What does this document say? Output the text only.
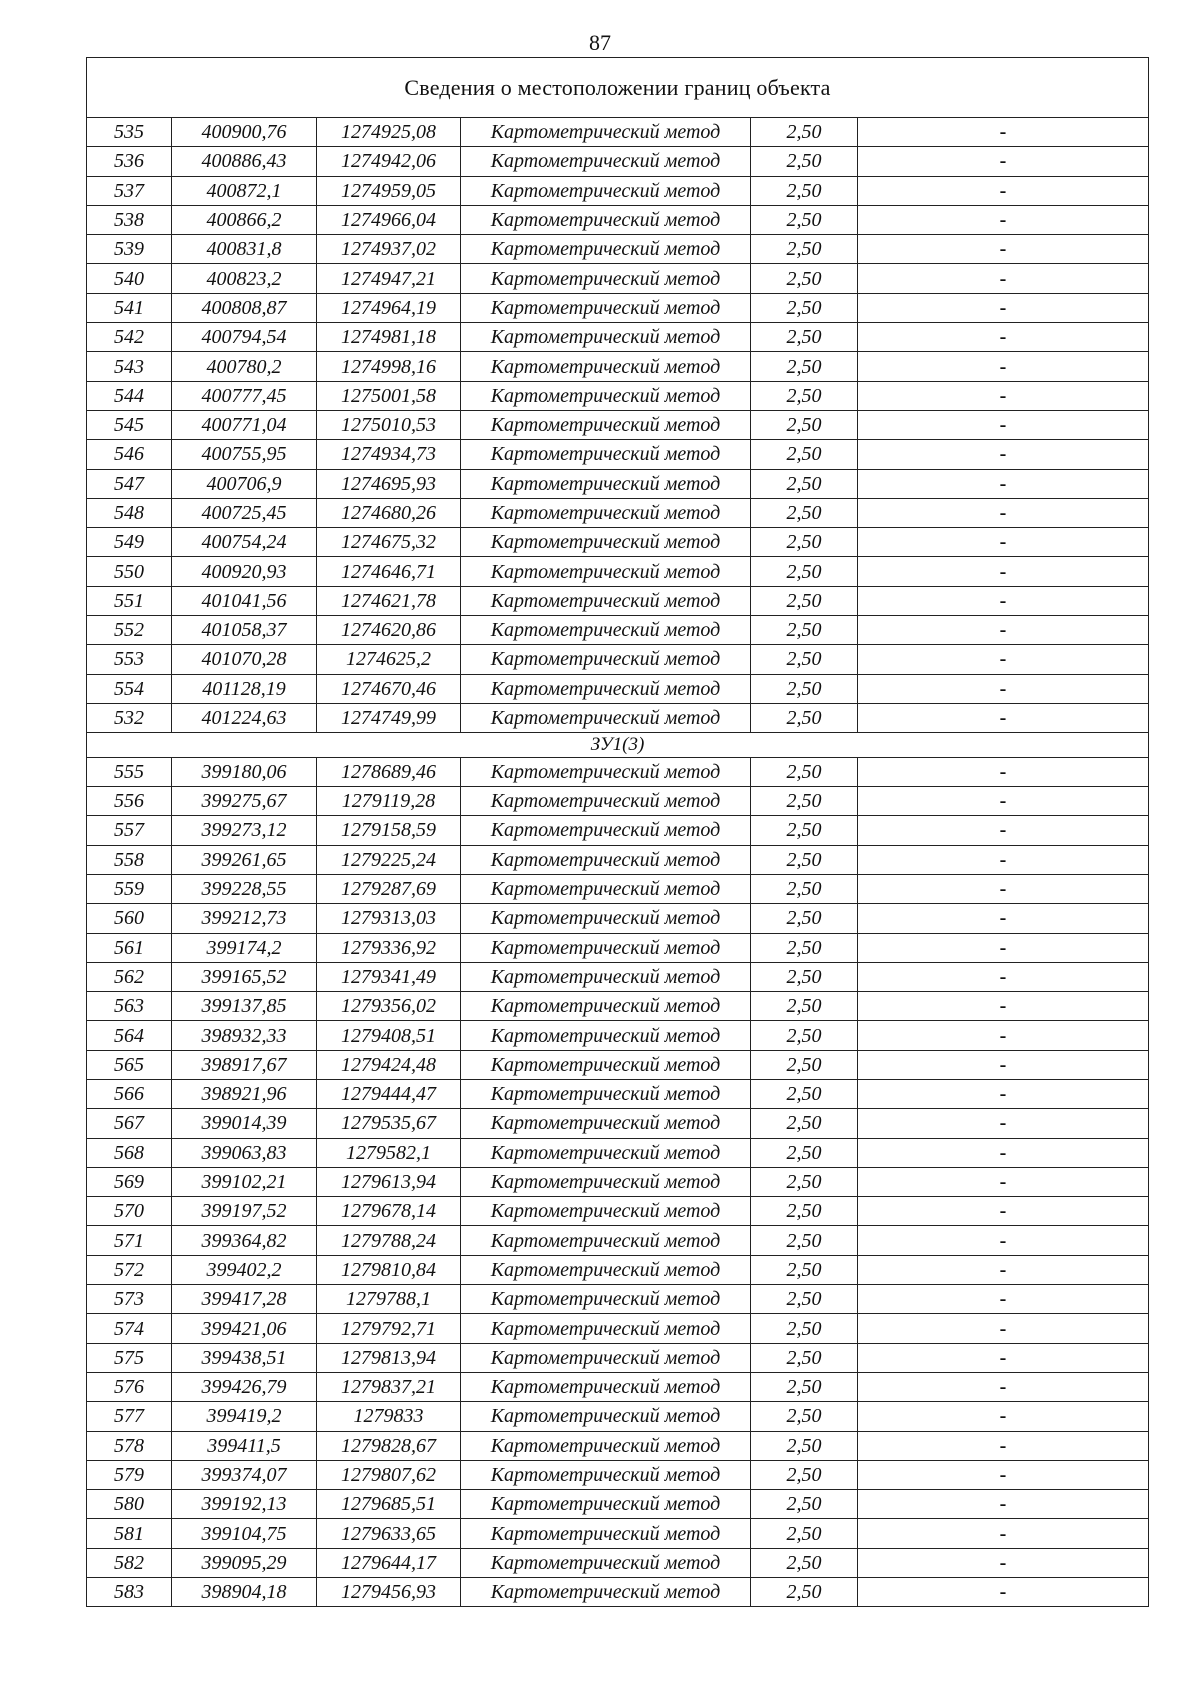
87
Сведения о местоположении границ объекта					
535	400900,76	1274925,08	Картометрический метод	2,50	-
536	400886,43	1274942,06	Картометрический метод	2,50	-
537	400872,1	1274959,05	Картометрический метод	2,50	-
538	400866,2	1274966,04	Картометрический метод	2,50	-
539	400831,8	1274937,02	Картометрический метод	2,50	-
540	400823,2	1274947,21	Картометрический метод	2,50	-
541	400808,87	1274964,19	Картометрический метод	2,50	-
542	400794,54	1274981,18	Картометрический метод	2,50	-
543	400780,2	1274998,16	Картометрический метод	2,50	-
544	400777,45	1275001,58	Картометрический метод	2,50	-
545	400771,04	1275010,53	Картометрический метод	2,50	-
546	400755,95	1274934,73	Картометрический метод	2,50	-
547	400706,9	1274695,93	Картометрический метод	2,50	-
548	400725,45	1274680,26	Картометрический метод	2,50	-
549	400754,24	1274675,32	Картометрический метод	2,50	-
550	400920,93	1274646,71	Картометрический метод	2,50	-
551	401041,56	1274621,78	Картометрический метод	2,50	-
552	401058,37	1274620,86	Картометрический метод	2,50	-
553	401070,28	1274625,2	Картометрический метод	2,50	-
554	401128,19	1274670,46	Картометрический метод	2,50	-
532	401224,63	1274749,99	Картометрический метод	2,50	-
ЗУ1(3)					
555	399180,06	1278689,46	Картометрический метод	2,50	-
556	399275,67	1279119,28	Картометрический метод	2,50	-
557	399273,12	1279158,59	Картометрический метод	2,50	-
558	399261,65	1279225,24	Картометрический метод	2,50	-
559	399228,55	1279287,69	Картометрический метод	2,50	-
560	399212,73	1279313,03	Картометрический метод	2,50	-
561	399174,2	1279336,92	Картометрический метод	2,50	-
562	399165,52	1279341,49	Картометрический метод	2,50	-
563	399137,85	1279356,02	Картометрический метод	2,50	-
564	398932,33	1279408,51	Картометрический метод	2,50	-
565	398917,67	1279424,48	Картометрический метод	2,50	-
566	398921,96	1279444,47	Картометрический метод	2,50	-
567	399014,39	1279535,67	Картометрический метод	2,50	-
568	399063,83	1279582,1	Картометрический метод	2,50	-
569	399102,21	1279613,94	Картометрический метод	2,50	-
570	399197,52	1279678,14	Картометрический метод	2,50	-
571	399364,82	1279788,24	Картометрический метод	2,50	-
572	399402,2	1279810,84	Картометрический метод	2,50	-
573	399417,28	1279788,1	Картометрический метод	2,50	-
574	399421,06	1279792,71	Картометрический метод	2,50	-
575	399438,51	1279813,94	Картометрический метод	2,50	-
576	399426,79	1279837,21	Картометрический метод	2,50	-
577	399419,2	1279833	Картометрический метод	2,50	-
578	399411,5	1279828,67	Картометрический метод	2,50	-
579	399374,07	1279807,62	Картометрический метод	2,50	-
580	399192,13	1279685,51	Картометрический метод	2,50	-
581	399104,75	1279633,65	Картометрический метод	2,50	-
582	399095,29	1279644,17	Картометрический метод	2,50	-
583	398904,18	1279456,93	Картометрический метод	2,50	-
